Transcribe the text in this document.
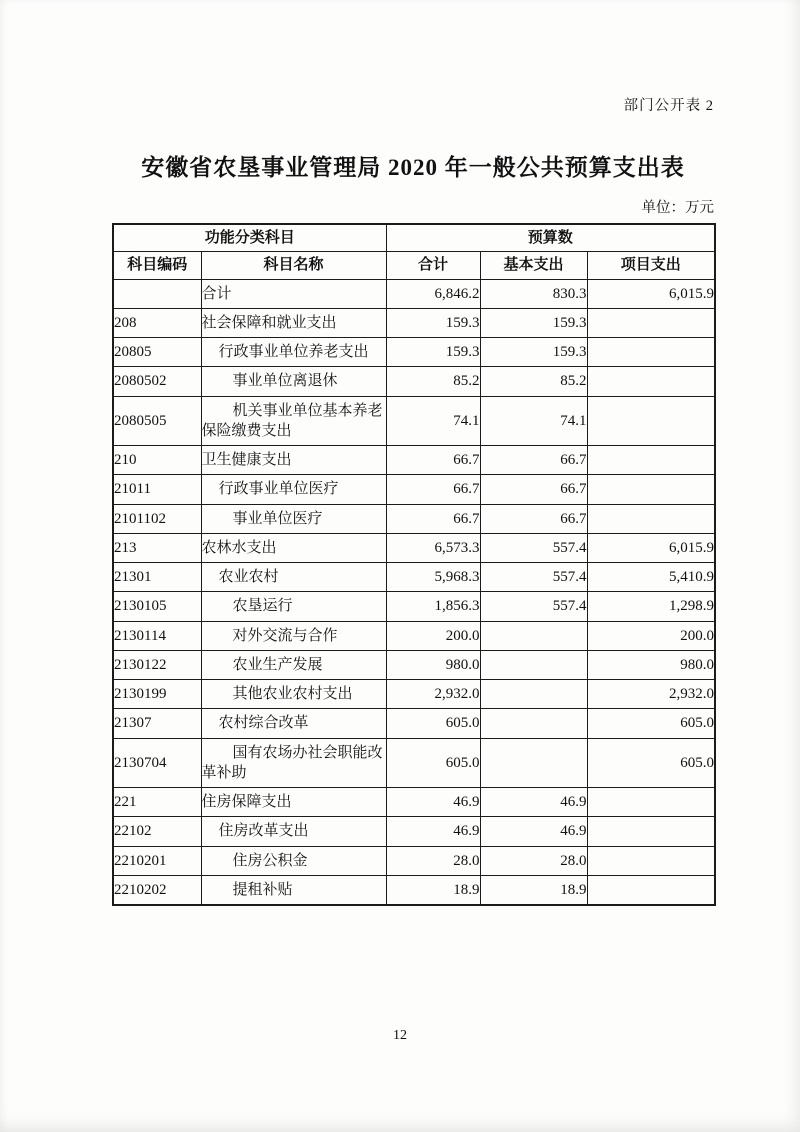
部门公开表 2
安徽省农垦事业管理局 2020 年一般公共预算支出表
单位：万元
功能分类科目		预算数		
科目编码	科目名称	合计	基本支出	项目支出
	合计	6,846.2	830.3	6,015.9
208	社会保障和就业支出	159.3	159.3	
20805	行政事业单位养老支出	159.3	159.3	
2080502	事业单位离退休	85.2	85.2	
2080505	机关事业单位基本养老保险缴费支出	74.1	74.1	
210	卫生健康支出	66.7	66.7	
21011	行政事业单位医疗	66.7	66.7	
2101102	事业单位医疗	66.7	66.7	
213	农林水支出	6,573.3	557.4	6,015.9
21301	农业农村	5,968.3	557.4	5,410.9
2130105	农垦运行	1,856.3	557.4	1,298.9
2130114	对外交流与合作	200.0		200.0
2130122	农业生产发展	980.0		980.0
2130199	其他农业农村支出	2,932.0		2,932.0
21307	农村综合改革	605.0		605.0
2130704	国有农场办社会职能改革补助	605.0		605.0
221	住房保障支出	46.9	46.9	
22102	住房改革支出	46.9	46.9	
2210201	住房公积金	28.0	28.0	
2210202	提租补贴	18.9	18.9	
12
